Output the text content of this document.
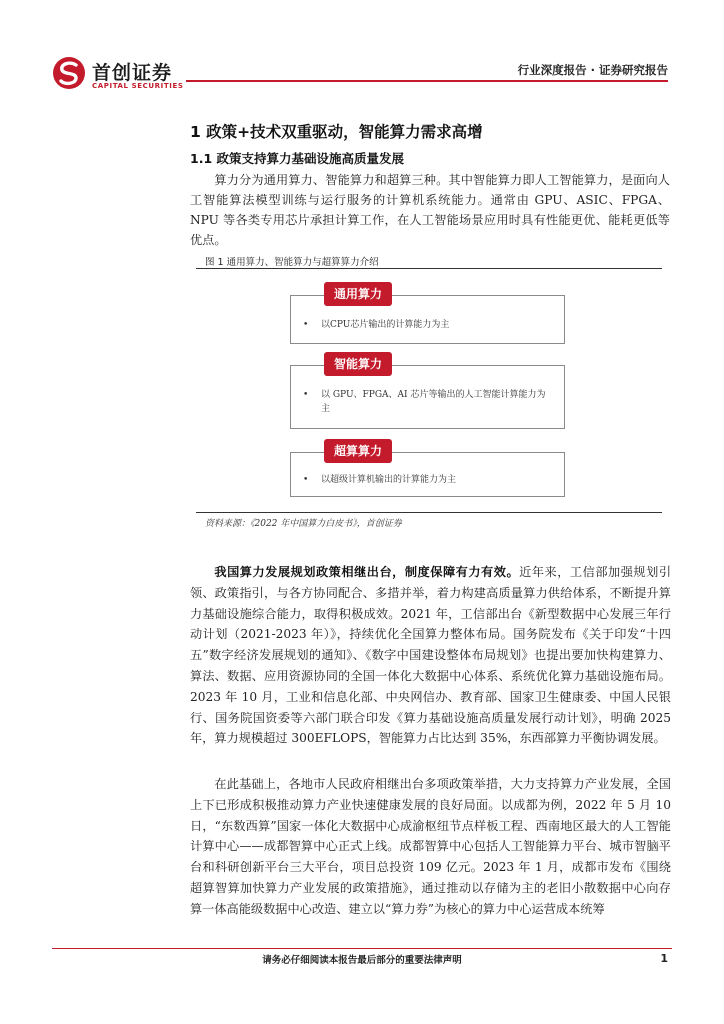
首创证券
CAPITAL SECURITIES
行业深度报告 · 证券研究报告
1 政策+技术双重驱动，智能算力需求高增
1.1 政策支持算力基础设施高质量发展
算力分为通用算力、智能算力和超算三种。其中智能算力即人工智能算力，是面向人工智能算法模型训练与运行服务的计算机系统能力。通常由 GPU、ASIC、FPGA、NPU 等各类专用芯片承担计算工作，在人工智能场景应用时具有性能更优、能耗更低等优点。
图 1 通用算力、智能算力与超算算力介绍
•	以CPU芯片输出的计算能力为主
通用算力
•	以 GPU、FPGA、AI 芯片等输出的人工智能计算能力为主
智能算力
•	以超级计算机输出的计算能力为主
超算算力
资料来源：《2022 年中国算力白皮书》，首创证券
我国算力发展规划政策相继出台，制度保障有力有效。近年来，工信部加强规划引领、政策指引，与各方协同配合、多措并举，着力构建高质量算力供给体系，不断提升算力基础设施综合能力，取得积极成效。2021 年，工信部出台《新型数据中心发展三年行动计划（2021-2023 年）》，持续优化全国算力整体布局。国务院发布《关于印发“十四五”数字经济发展规划的通知》、《数字中国建设整体布局规划》也提出要加快构建算力、算法、数据、应用资源协同的全国一体化大数据中心体系、系统优化算力基础设施布局。2023 年 10 月，工业和信息化部、中央网信办、教育部、国家卫生健康委、中国人民银行、国务院国资委等六部门联合印发《算力基础设施高质量发展行动计划》，明确 2025 年，算力规模超过 300EFLOPS，智能算力占比达到 35%，东西部算力平衡协调发展。
在此基础上，各地市人民政府相继出台多项政策举措，大力支持算力产业发展，全国上下已形成积极推动算力产业快速健康发展的良好局面。以成都为例，2022 年 5 月 10 日，“东数西算”国家一体化大数据中心成渝枢纽节点样板工程、西南地区最大的人工智能计算中心——成都智算中心正式上线。成都智算中心包括人工智能算力平台、城市智脑平台和科研创新平台三大平台，项目总投资 109 亿元。2023 年 1 月，成都市发布《围绕超算智算加快算力产业发展的政策措施》，通过推动以存储为主的老旧小散数据中心向存算一体高能级数据中心改造、建立以“算力券”为核心的算力中心运营成本统筹
请务必仔细阅读本报告最后部分的重要法律声明	1
